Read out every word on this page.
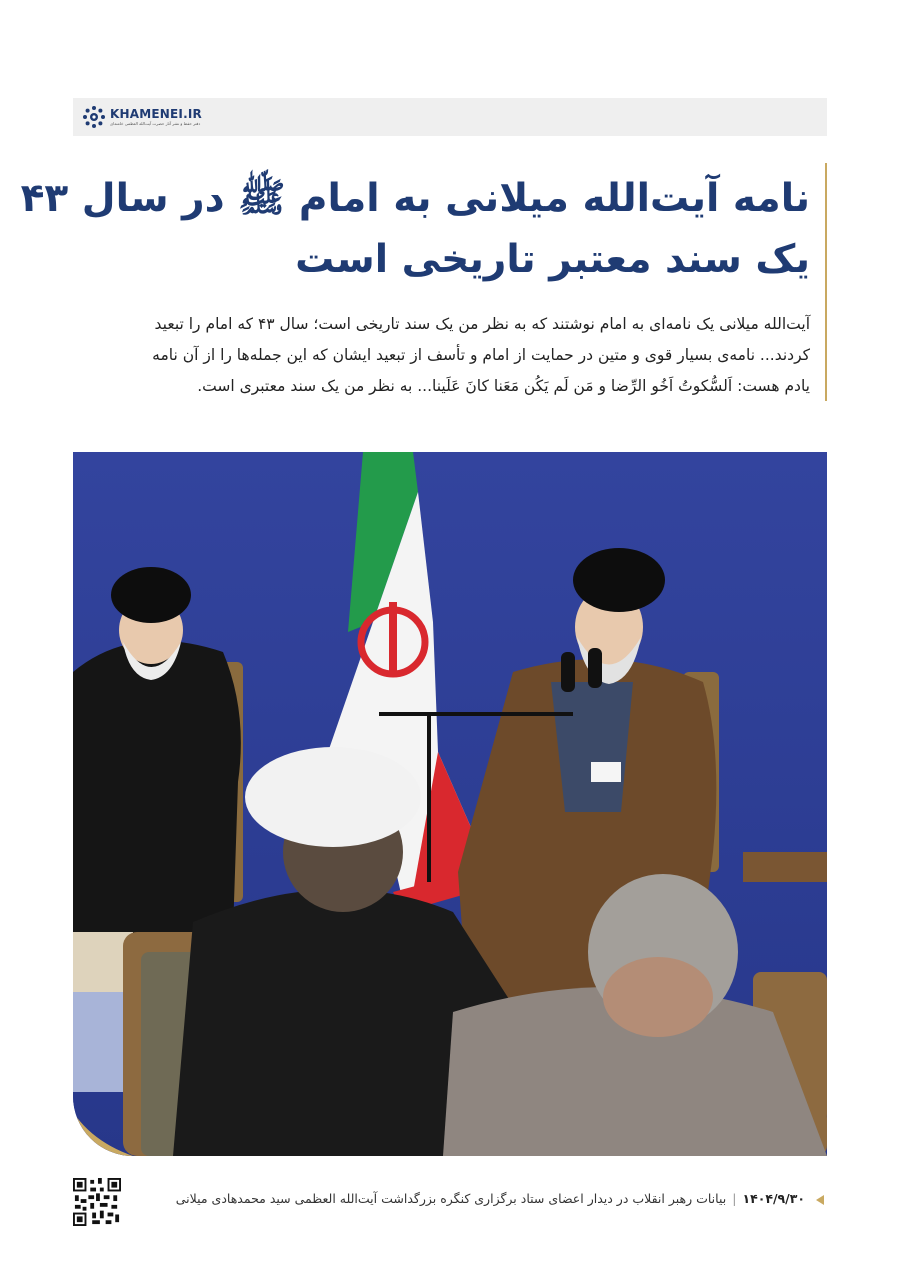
KHAMENEI.IR
دفتر حفظ و نشر آثار حضرت آیت‌الله العظمی خامنه‌ای
نامه آیت‌الله میلانی به امام ﷺ در سال ۴۳
یک سند معتبر تاریخی است
آیت‌الله میلانی یک نامه‌ای به امام نوشتند که به نظر من یک سند تاریخی است؛ سال ۴۳ که امام را تبعید
کردند... نامه‌ی بسیار قوی و متین در حمایت از امام و تأسف از تبعید ایشان که این جمله‌ها را از آن نامه
یادم هست: اَلسُّکوتُ اَخُو الرِّضا و مَن لَم یَکُن مَعَنا کانَ عَلَینا... به نظر من یک سند معتبری است.
۱۴۰۴/۹/۳۰|بیانات رهبر انقلاب در دیدار اعضای ستاد برگزاری کنگره بزرگداشت آیت‌الله العظمی سید محمدهادی میلانی
